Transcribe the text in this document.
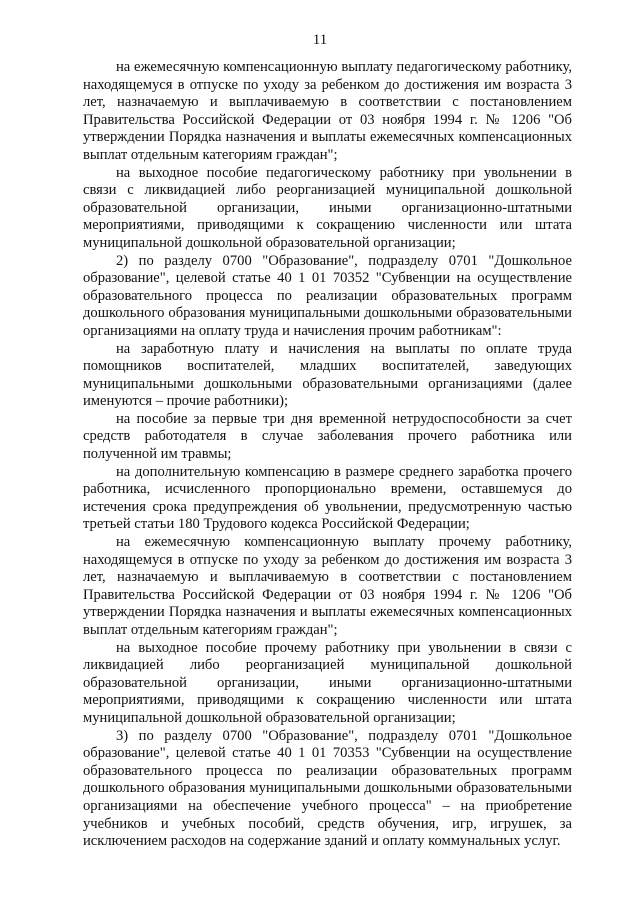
11

на ежемесячную компенсационную выплату педагогическому работнику, находящемуся в отпуске по уходу за ребенком до достижения им возраста 3 лет, назначаемую и выплачиваемую в соответствии с постановлением Правительства Российской Федерации от 03 ноября 1994 г. № 1206 "Об утверждении Порядка назначения и выплаты ежемесячных компенсационных выплат отдельным категориям граждан";

на выходное пособие педагогическому работнику при увольнении в связи с ликвидацией либо реорганизацией муниципальной дошкольной образовательной организации, иными организационно-штатными мероприятиями, приводящими к сокращению численности или штата муниципальной дошкольной образовательной организации;

2) по разделу 0700 "Образование", подразделу 0701 "Дошкольное образование", целевой статье 40 1 01 70352 "Субвенции на осуществление образовательного процесса по реализации образовательных программ дошкольного образования муниципальными дошкольными образовательными организациями на оплату труда и начисления прочим работникам":

на заработную плату и начисления на выплаты по оплате труда помощников воспитателей, младших воспитателей, заведующих муниципальными дошкольными образовательными организациями (далее именуются – прочие работники);

на пособие за первые три дня временной нетрудоспособности за счет средств работодателя в случае заболевания прочего работника или полученной им травмы;

на дополнительную компенсацию в размере среднего заработка прочего работника, исчисленного пропорционально времени, оставшемуся до истечения срока предупреждения об увольнении, предусмотренную частью третьей статьи 180 Трудового кодекса Российской Федерации;

на ежемесячную компенсационную выплату прочему работнику, находящемуся в отпуске по уходу за ребенком до достижения им возраста 3 лет, назначаемую и выплачиваемую в соответствии с постановлением Правительства Российской Федерации от 03 ноября 1994 г. № 1206 "Об утверждении Порядка назначения и выплаты ежемесячных компенсационных выплат отдельным категориям граждан";

на выходное пособие прочему работнику при увольнении в связи с ликвидацией либо реорганизацией муниципальной дошкольной образовательной организации, иными организационно-штатными мероприятиями, приводящими к сокращению численности или штата муниципальной дошкольной образовательной организации;

3) по разделу 0700 "Образование", подразделу 0701 "Дошкольное образование", целевой статье 40 1 01 70353 "Субвенции на осуществление образовательного процесса по реализации образовательных программ дошкольного образования муниципальными дошкольными образовательными организациями на обеспечение учебного процесса" – на приобретение учебников и учебных пособий, средств обучения, игр, игрушек, за исключением расходов на содержание зданий и оплату коммунальных услуг.
